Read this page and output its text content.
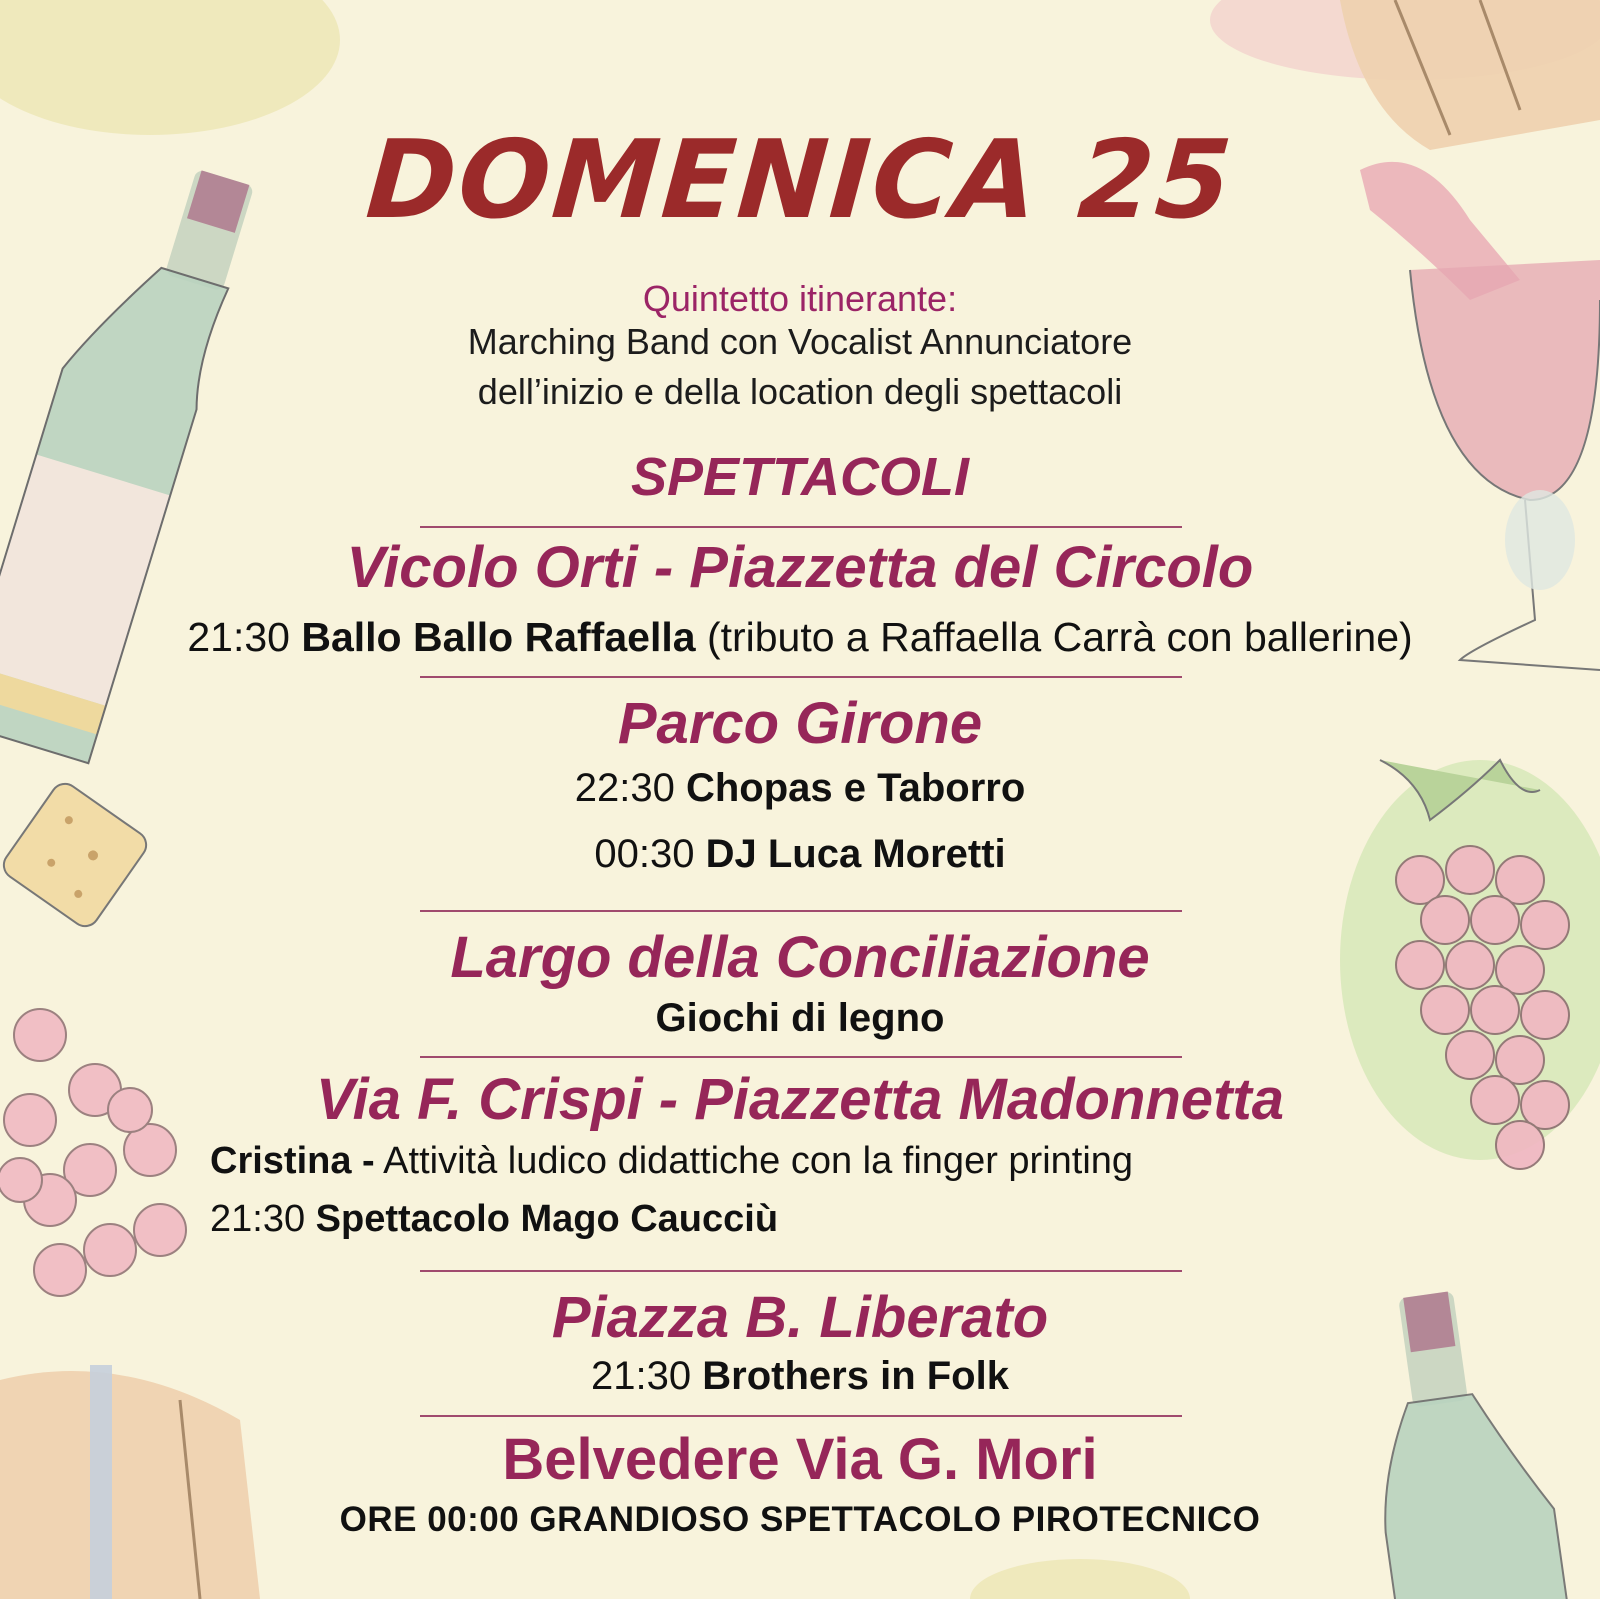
DOMENICA 25
Quintetto itinerante:
Marching Band con Vocalist Annunciatore
dell’inizio e della location degli spettacoli
SPETTACOLI
Vicolo Orti - Piazzetta del Circolo
21:30 Ballo Ballo Raffaella (tributo a Raffaella Carrà con ballerine)
Parco Girone
22:30 Chopas e Taborro
00:30 DJ Luca Moretti
Largo della Conciliazione
Giochi di legno
Via F. Crispi - Piazzetta Madonnetta
Cristina - Attività ludico didattiche con la finger printing
21:30 Spettacolo Mago Caucciù
Piazza B. Liberato
21:30 Brothers in Folk
Belvedere Via G. Mori
ORE 00:00 GRANDIOSO SPETTACOLO PIROTECNICO
